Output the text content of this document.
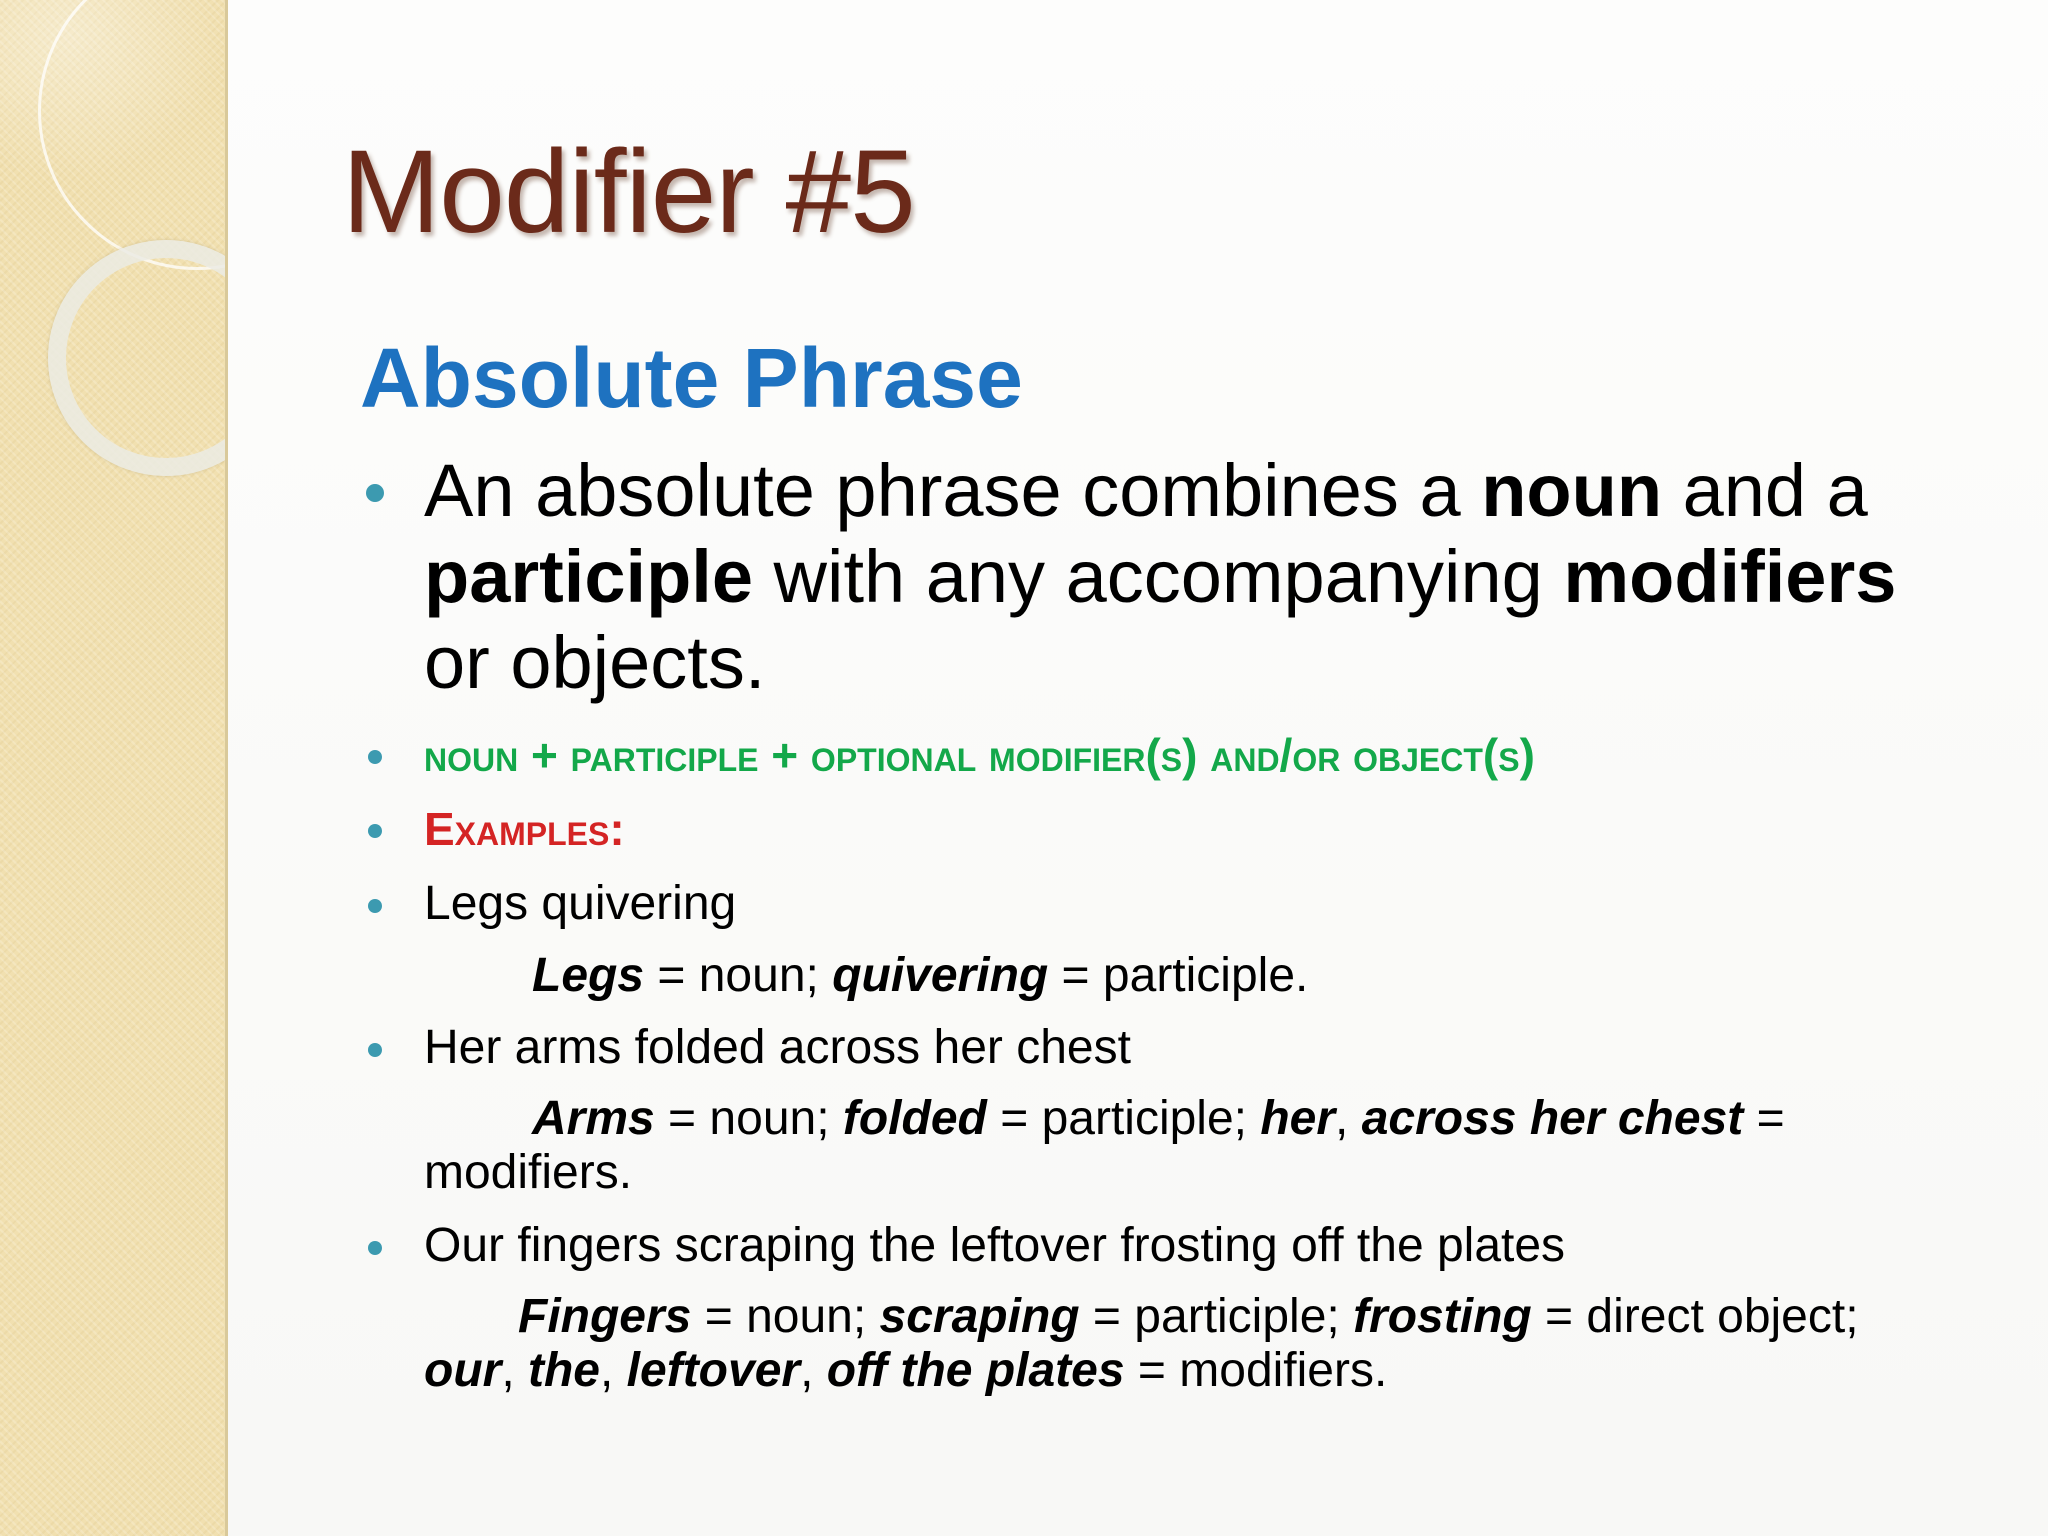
Modifier #5
Absolute Phrase
An absolute phrase combines a noun and a participle with any accompanying modifiers or objects.
noun + participle + optional modifier(s) and/or object(s)
Examples:
Legs quivering
Legs = noun; quivering = participle.
Her arms folded across her chest
Arms = noun; folded = participle; her, across her chest = modifiers.
Our fingers scraping the leftover frosting off the plates
Fingers = noun; scraping = participle; frosting = direct object; our, the, leftover, off the plates = modifiers.
